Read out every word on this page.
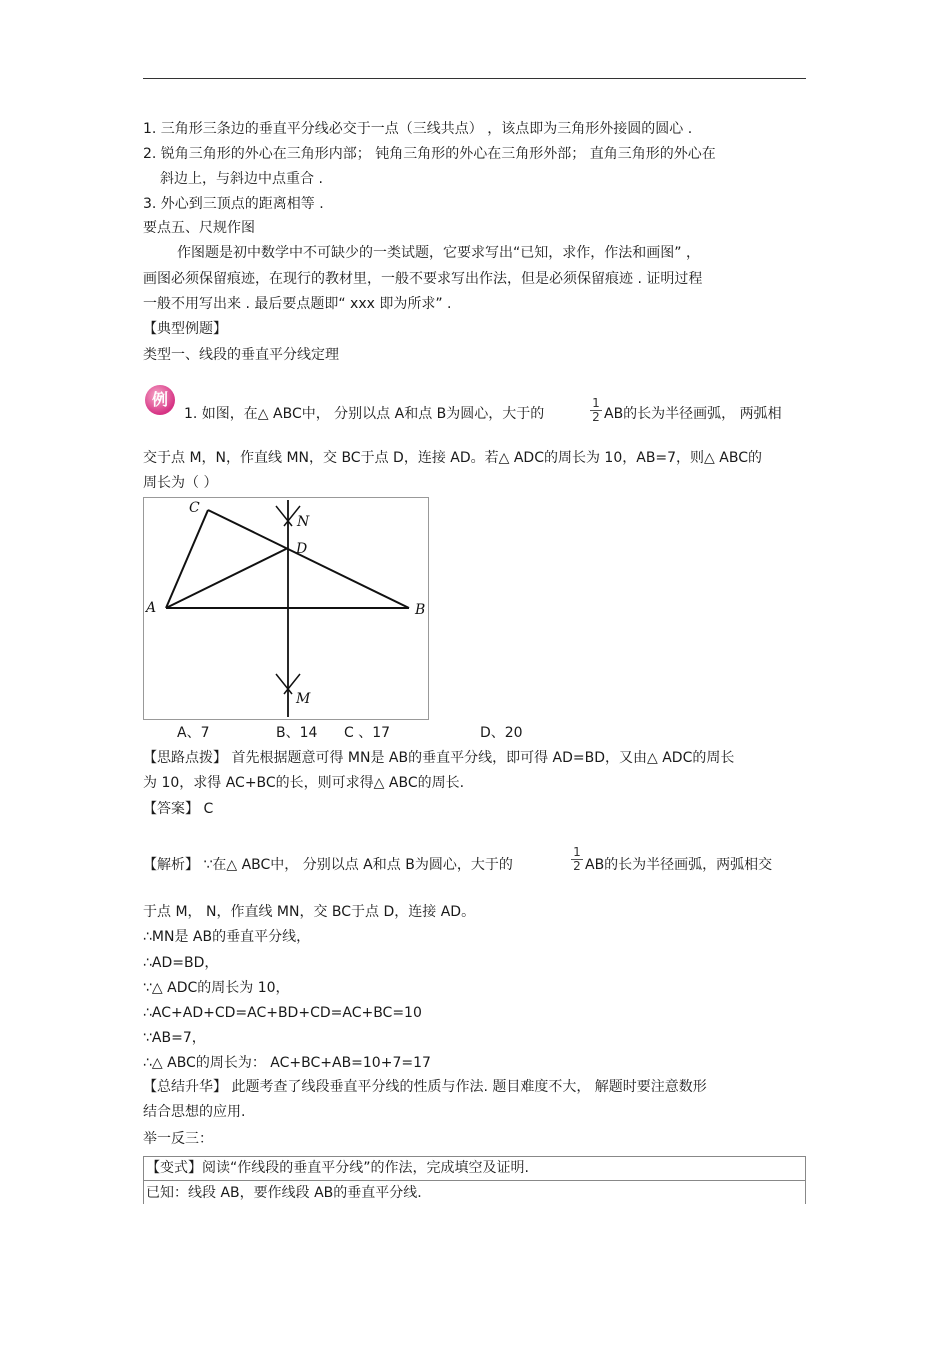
1. 三角形三条边的垂直平分线必交于一点（三线共点） ，该点即为三角形外接圆的圆心 .
2. 锐角三角形的外心在三角形内部； 钝角三角形的外心在三角形外部； 直角三角形的外心在
斜边上，与斜边中点重合 .
3. 外心到三顶点的距离相等 .
要点五、尺规作图
作图题是初中数学中不可缺少的一类试题，它要求写出“已知，求作，作法和画图” ，
画图必须保留痕迹，在现行的教材里，一般不要求写出作法，但是必须保留痕迹 . 证明过程
一般不用写出来 . 最后要点题即“ xxx 即为所求” .
【典型例题】
类型一、线段的垂直平分线定理
例
1. 如图，在△ ABC中， 分别以点 A和点 B为圆心，大于的
1
2 AB的长为半径画弧， 两弧相
交于点 M，N，作直线 MN，交 BC于点 D，连接 AD。若△ ADC的周长为 10，AB=7，则△ ABC的
周长为（ ）
C
A	B
D
N
M
A、7	B、14 C 、17	D、20
【思路点拨】 首先根据题意可得 MN是 AB的垂直平分线，即可得 AD=BD，又由△ ADC的周长
为 10，求得 AC+BC的长，则可求得△ ABC的周长.
【答案】 C
【解析】 ∵在△ ABC中， 分别以点 A和点 B为圆心，大于的
1
2 AB的长为半径画弧，两弧相交
于点 M， N，作直线 MN，交 BC于点 D，连接 AD。
∴MN是 AB的垂直平分线，
∴AD=BD，
∵△ ADC的周长为 10，
∴AC+AD+CD=AC+BD+CD=AC+BC=10
∵AB=7，
∴△ ABC的周长为： AC+BC+AB=10+7=17
【总结升华】 此题考查了线段垂直平分线的性质与作法. 题目难度不大， 解题时要注意数形
结合思想的应用.
举一反三：
【变式】阅读“作线段的垂直平分线”的作法，完成填空及证明.
已知：线段 AB，要作线段 AB的垂直平分线.
